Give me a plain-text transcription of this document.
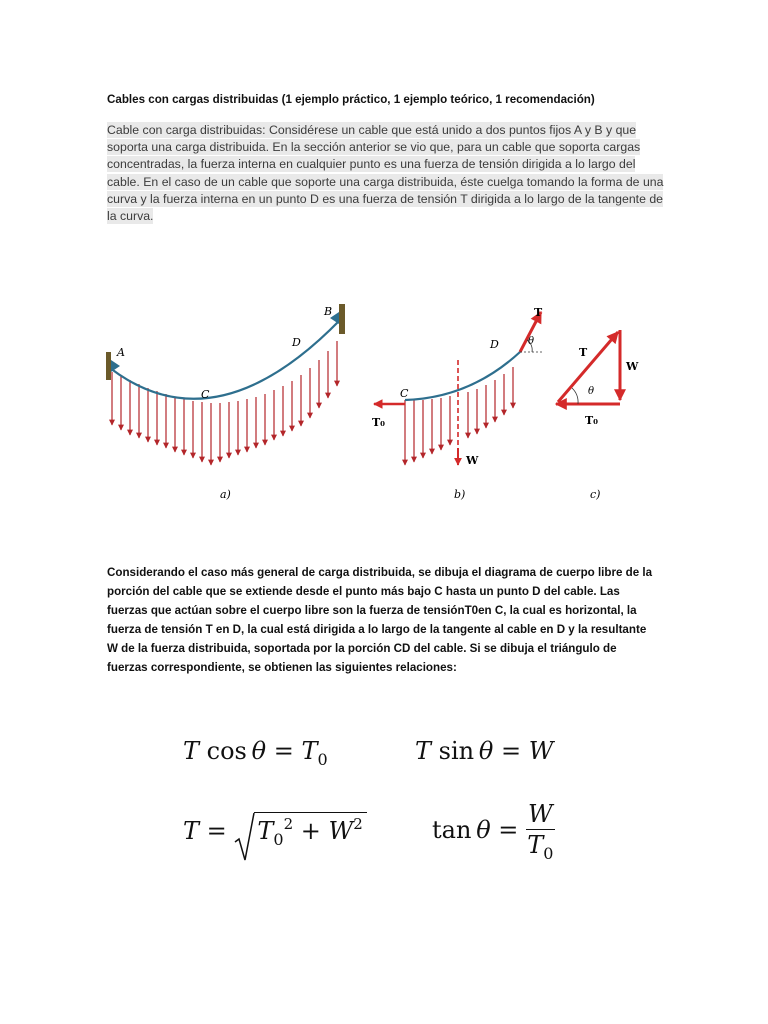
Cables con cargas distribuidas (1 ejemplo práctico, 1 ejemplo teórico, 1 recomendación)
Cable con carga distribuidas: Considérese un cable que está unido a dos puntos fijos A y B y que soporta una carga distribuida. En la sección anterior se vio que, para un cable que soporta cargas concentradas, la fuerza interna en cualquier punto es una fuerza de tensión dirigida a lo largo del cable. En el caso de un cable que soporte una carga distribuida, éste cuelga tomando la forma de una curva y la fuerza interna en un punto D es una fuerza de tensión T dirigida a lo largo de la tangente de la curva.
A
B
C
D
a)
C
D
T
θ
T₀
W
b)
T
W
θ
T₀
c)
Considerando el caso más general de carga distribuida, se dibuja el diagrama de cuerpo libre de la porción del cable que se extiende desde el punto más bajo C hasta un punto D del cable. Las fuerzas que actúan sobre el cuerpo libre son la fuerza de tensiónT0en C, la cual es horizontal, la fuerza de tensión T en D, la cual está dirigida a lo largo de la tangente al cable en D y la resultante W de la fuerza distribuida, soportada por la porción CD del cable. Si se dibuja el triángulo de fuerzas correspondiente, se obtienen las siguientes relaciones:
T $\cos \theta = T_0$	T sin  θ = W
T =
$T_0^2 + W^2$	$\tan \theta = \frac{W}{T_0}$
